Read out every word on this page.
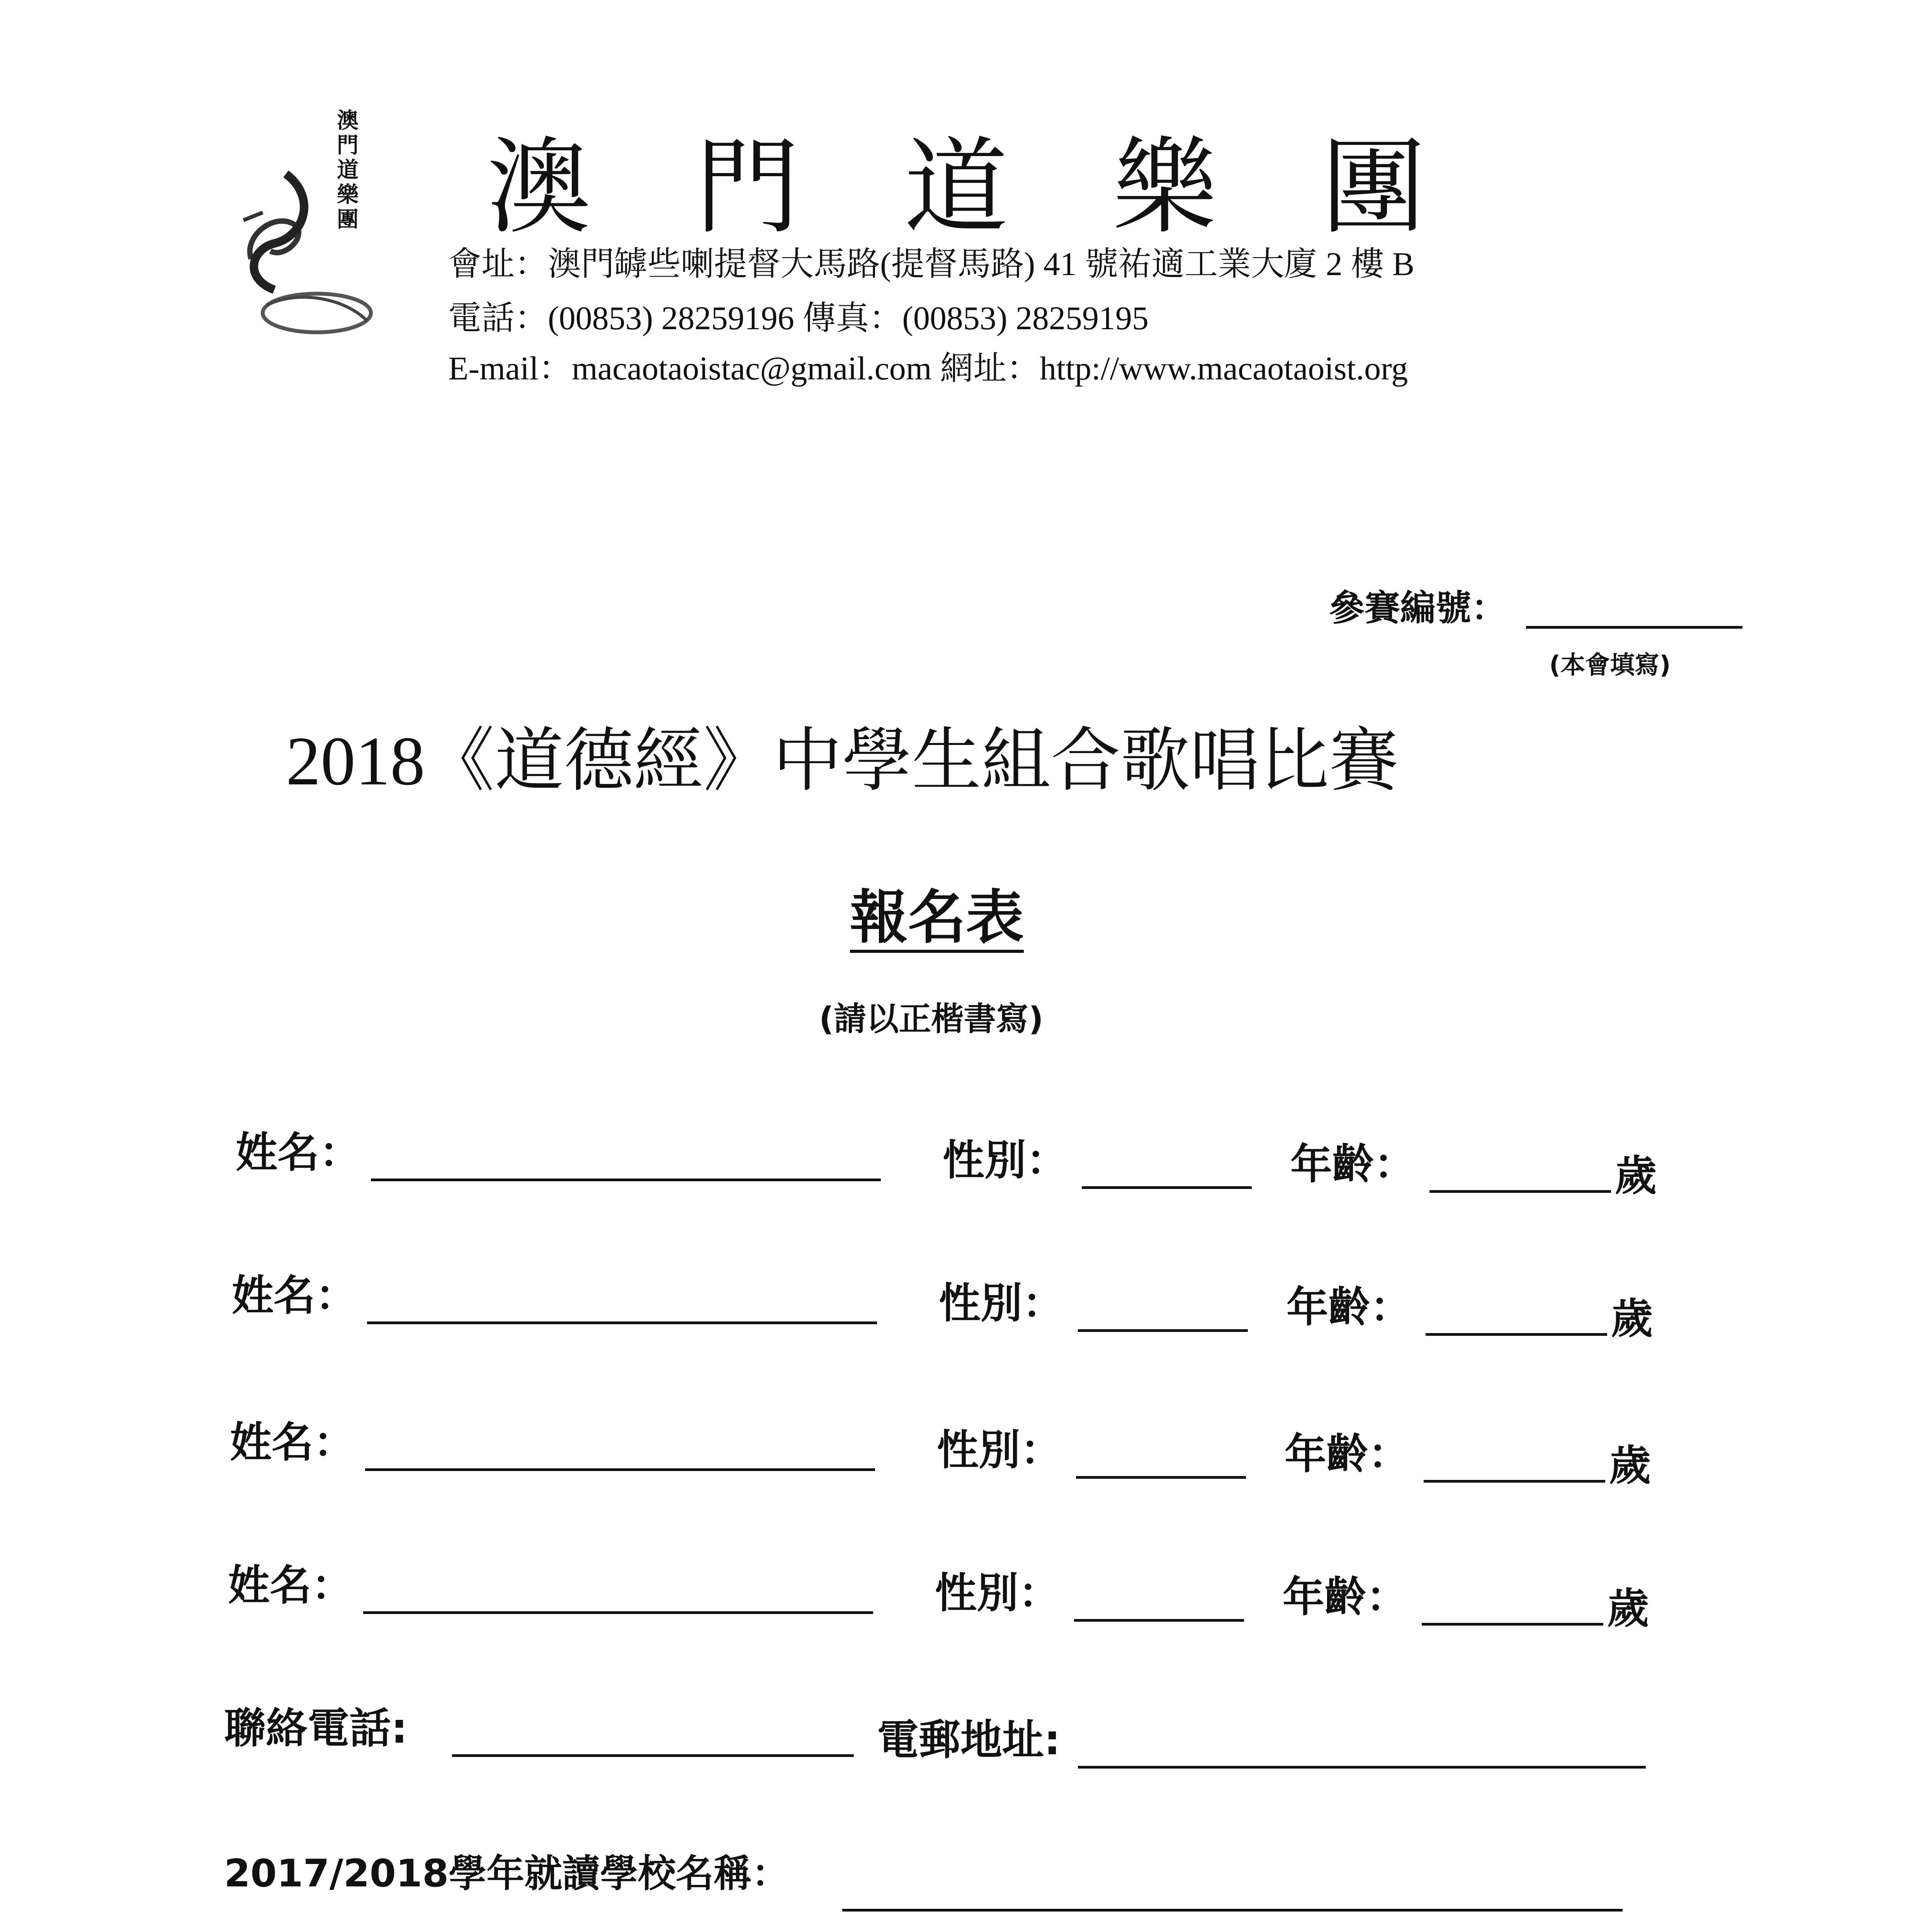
澳門道樂團 澳門道樂團
會址：澳門罅些喇提督大馬路(提督馬路) 41 號祐適工業大廈 2 樓 B
電話：(00853) 28259196 傳真：(00853) 28259195
E-mail：macaotaoistac@gmail.com 網址：http://www.macaotaoist.org
參賽編號：
(本會填寫)
2018《道德經》中學生組合歌唱比賽
報名表
(請以正楷書寫)
姓名：	性別：	年齡：	歲
姓名：	性別：	年齡：	歲
姓名：	性別：	年齡：	歲
姓名：	性別：	年齡：	歲
聯絡電話:	電郵地址:
2017/2018學年就讀學校名稱：
